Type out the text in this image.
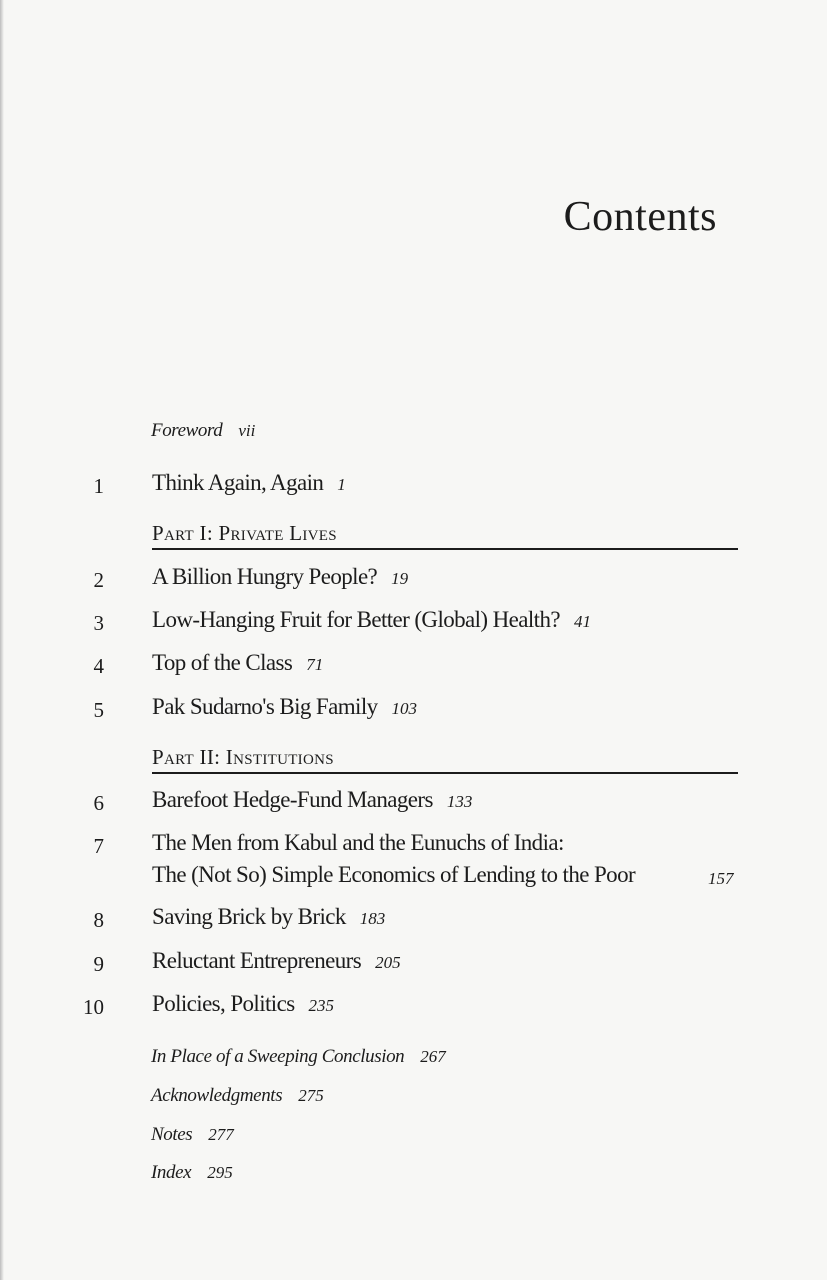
Contents
Foreword vii
1 Think Again, Again 1
Part I: Private Lives
2 A Billion Hungry People? 19
3 Low-Hanging Fruit for Better (Global) Health? 41
4 Top of the Class 71
5 Pak Sudarno's Big Family 103
Part II: Institutions
6 Barefoot Hedge-Fund Managers 133
7 The Men from Kabul and the Eunuchs of India:
The (Not So) Simple Economics of Lending to the Poor	157
8 Saving Brick by Brick 183
9 Reluctant Entrepreneurs 205
10 Policies, Politics 235
In Place of a Sweeping Conclusion 267
Acknowledgments 275
Notes 277
Index 295
